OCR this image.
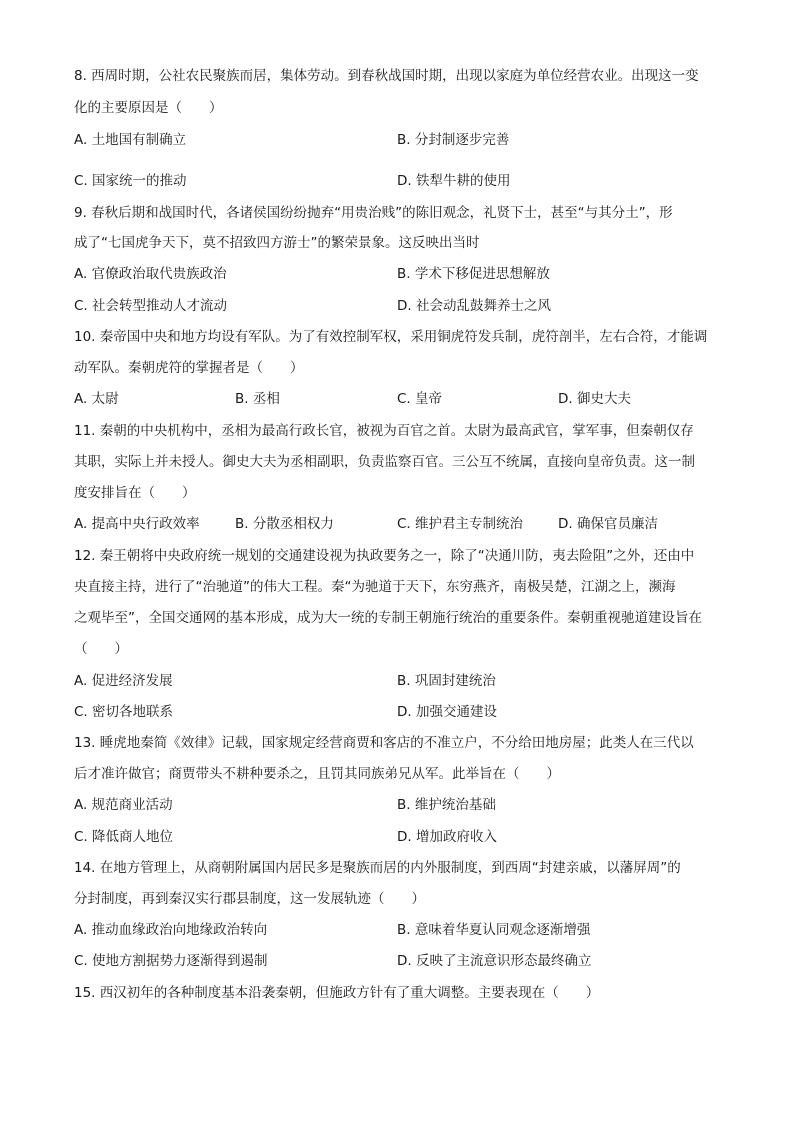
8. 西周时期，公社农民聚族而居，集体劳动。到春秋战国时期，出现以家庭为单位经营农业。出现这一变
化的主要原因是（　　）
A. 土地国有制确立	B. 分封制逐步完善
C. 国家统一的推动	D. 铁犁牛耕的使用
9. 春秋后期和战国时代，各诸侯国纷纷抛弃“用贵治贱”的陈旧观念，礼贤下士，甚至“与其分土”，形
成了“七国虎争天下，莫不招致四方游士”的繁荣景象。这反映出当时
A. 官僚政治取代贵族政治	B. 学术下移促进思想解放
C. 社会转型推动人才流动	D. 社会动乱鼓舞养士之风
10. 秦帝国中央和地方均设有军队。为了有效控制军权，采用铜虎符发兵制，虎符剖半，左右合符，才能调
动军队。秦朝虎符的掌握者是（　　）
A. 太尉	B. 丞相	C. 皇帝	D. 御史大夫
11. 秦朝的中央机构中，丞相为最高行政长官，被视为百官之首。太尉为最高武官，掌军事，但秦朝仅存
其职，实际上并未授人。御史大夫为丞相副职，负责监察百官。三公互不统属，直接向皇帝负责。这一制
度安排旨在（　　）
A. 提高中央行政效率	B. 分散丞相权力	C. 维护君主专制统治	D. 确保官员廉洁
12. 秦王朝将中央政府统一规划的交通建设视为执政要务之一，除了“决通川防，夷去险阻”之外，还由中
央直接主持，进行了“治驰道”的伟大工程。秦“为驰道于天下，东穷燕齐，南极吴楚，江湖之上，濒海
之观毕至”，全国交通网的基本形成，成为大一统的专制王朝施行统治的重要条件。秦朝重视驰道建设旨在
（　　）
A. 促进经济发展	B. 巩固封建统治
C. 密切各地联系	D. 加强交通建设
13. 睡虎地秦简《效律》记载，国家规定经营商贾和客店的不准立户，不分给田地房屋；此类人在三代以
后才准许做官；商贾带头不耕种要杀之，且罚其同族弟兄从军。此举旨在（　　）
A. 规范商业活动	B. 维护统治基础
C. 降低商人地位	D. 增加政府收入
14. 在地方管理上，从商朝附属国内居民多是聚族而居的内外服制度，到西周“封建亲戚，以藩屏周”的
分封制度，再到秦汉实行郡县制度，这一发展轨迹（　　）
A. 推动血缘政治向地缘政治转向	B. 意味着华夏认同观念逐渐增强
C. 使地方割据势力逐渐得到遏制	D. 反映了主流意识形态最终确立
15. 西汉初年的各种制度基本沿袭秦朝，但施政方针有了重大调整。主要表现在（　　）
